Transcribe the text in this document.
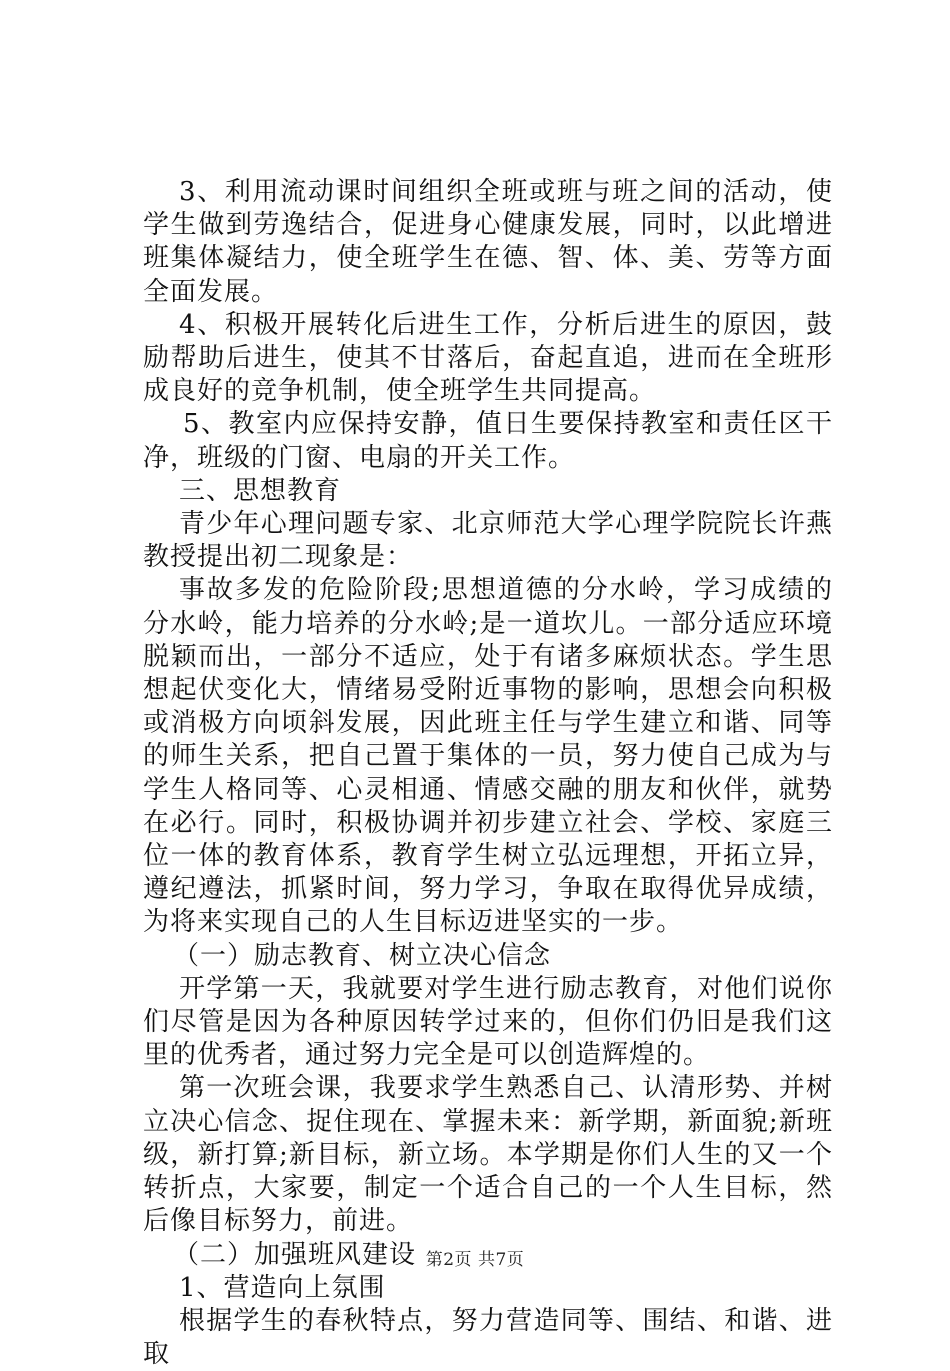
3、利用流动课时间组织全班或班与班之间的活动，使学生做到劳逸结合，促进身心健康发展，同时，以此增进班集体凝结力，使全班学生在德、智、体、美、劳等方面全面发展。

4、积极开展转化后进生工作，分析后进生的原因，鼓励帮助后进生，使其不甘落后，奋起直追，进而在全班形成良好的竞争机制，使全班学生共同提高。

5、教室内应保持安静，值日生要保持教室和责任区干净，班级的门窗、电扇的开关工作。

三、思想教育

青少年心理问题专家、北京师范大学心理学院院长许燕教授提出初二现象是：

事故多发的危险阶段;思想道德的分水岭，学习成绩的分水岭，能力培养的分水岭;是一道坎儿。一部分适应环境脱颖而出，一部分不适应，处于有诸多麻烦状态。学生思想起伏变化大，情绪易受附近事物的影响，思想会向积极或消极方向顷斜发展，因此班主任与学生建立和谐、同等的师生关系，把自己置于集体的一员，努力使自己成为与学生人格同等、心灵相通、情感交融的朋友和伙伴，就势在必行。同时，积极协调并初步建立社会、学校、家庭三位一体的教育体系，教育学生树立弘远理想，开拓立异，遵纪遵法，抓紧时间，努力学习，争取在取得优异成绩，为将来实现自己的人生目标迈进坚实的一步。

（一）励志教育、树立决心信念

开学第一天，我就要对学生进行励志教育，对他们说你们尽管是因为各种原因转学过来的，但你们仍旧是我们这里的优秀者，通过努力完全是可以创造辉煌的。

第一次班会课，我要求学生熟悉自己、认清形势、并树立决心信念、捉住现在、掌握未来：新学期，新面貌;新班级，新打算;新目标，新立场。本学期是你们人生的又一个转折点，大家要，制定一个适合自己的一个人生目标，然后像目标努力，前进。

（二）加强班风建设

1、营造向上氛围

根据学生的春秋特点，努力营造同等、围结、和谐、进取

第2页 共7页
